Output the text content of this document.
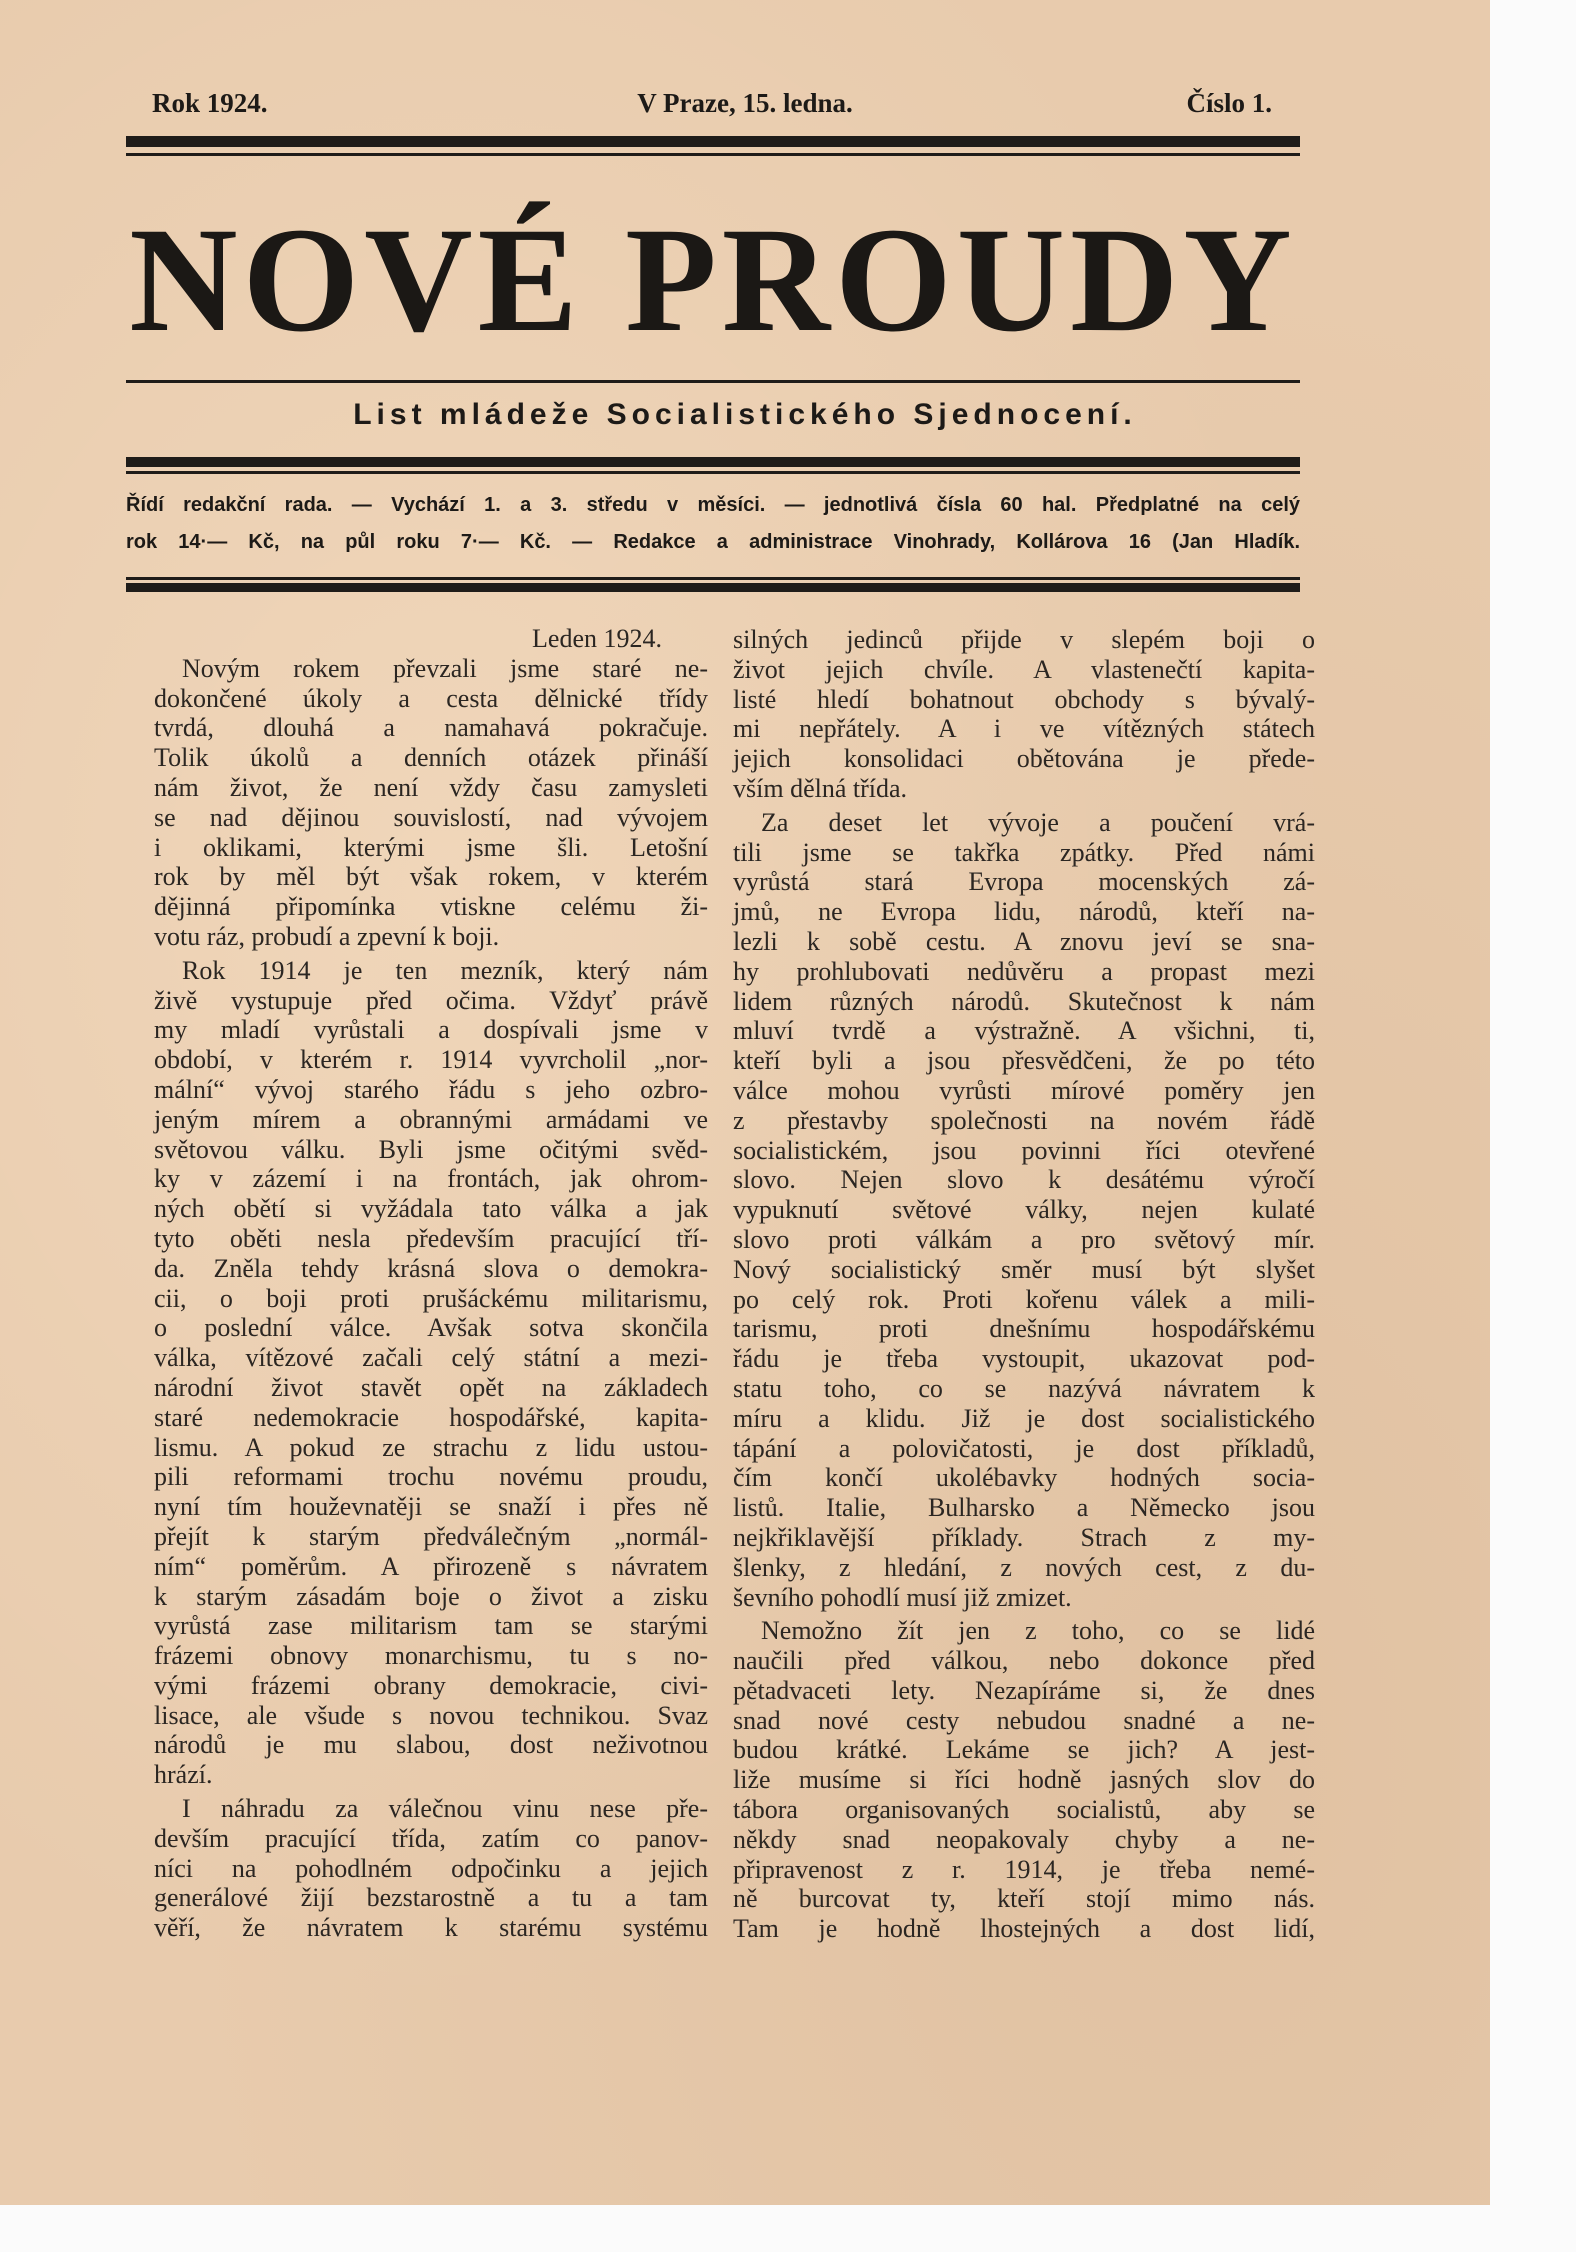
Rok 1924.	V Praze, 15. ledna.	Číslo 1.
NOVÉ PROUDY
List mládeže Socialistického Sjednocení.
Řídí redakční rada. — Vychází 1. a 3. středu v měsíci. — jednotlivá čísla 60 hal. Předplatné na celý
rok 14·— Kč, na půl roku 7·— Kč. — Redakce a administrace Vinohrady, Kollárova 16 (Jan Hladík.
Leden 1924.
Novým rokem převzali jsme staré ne-
dokončené úkoly a cesta dělnické třídy
tvrdá, dlouhá a namahavá pokračuje.
Tolik úkolů a denních otázek přináší
nám život, že není vždy času zamysleti
se nad dějinou souvislostí, nad vývojem
i oklikami, kterými jsme šli. Letošní
rok by měl být však rokem, v kterém
dějinná připomínka vtiskne celému ži-
votu ráz, probudí a zpevní k boji.
Rok 1914 je ten mezník, který nám
živě vystupuje před očima. Vždyť právě
my mladí vyrůstali a dospívali jsme v
období, v kterém r. 1914 vyvrcholil „nor-
mální“ vývoj starého řádu s jeho ozbro-
jeným mírem a obrannými armádami ve
světovou válku. Byli jsme očitými svěd-
ky v zázemí i na frontách, jak ohrom-
ných obětí si vyžádala tato válka a jak
tyto oběti nesla především pracující tří-
da. Zněla tehdy krásná slova o demokra-
cii, o boji proti prušáckému militarismu,
o poslední válce. Avšak sotva skončila
válka, vítězové začali celý státní a mezi-
národní život stavět opět na základech
staré nedemokracie hospodářské, kapita-
lismu. A pokud ze strachu z lidu ustou-
pili reformami trochu novému proudu,
nyní tím houževnatěji se snaží i přes ně
přejít k starým předválečným „normál-
ním“ poměrům. A přirozeně s návratem
k starým zásadám boje o život a zisku
vyrůstá zase militarism tam se starými
frázemi obnovy monarchismu, tu s no-
vými frázemi obrany demokracie, civi-
lisace, ale všude s novou technikou. Svaz
národů je mu slabou, dost neživotnou
hrází.
I náhradu za válečnou vinu nese pře-
devším pracující třída, zatím co panov-
níci na pohodlném odpočinku a jejich
generálové žijí bezstarostně a tu a tam
věří, že návratem k starému systému
silných jedinců přijde v slepém boji o
život jejich chvíle. A vlastenečtí kapita-
listé hledí bohatnout obchody s bývalý-
mi nepřátely. A i ve vítězných státech
jejich konsolidaci obětována je přede-
vším dělná třída.
Za deset let vývoje a poučení vrá-
tili jsme se takřka zpátky. Před námi
vyrůstá stará Evropa mocenských zá-
jmů, ne Evropa lidu, národů, kteří na-
lezli k sobě cestu. A znovu jeví se sna-
hy prohlubovati nedůvěru a propast mezi
lidem různých národů. Skutečnost k nám
mluví tvrdě a výstražně. A všichni, ti,
kteří byli a jsou přesvědčeni, že po této
válce mohou vyrůsti mírové poměry jen
z přestavby společnosti na novém řádě
socialistickém, jsou povinni říci otevřené
slovo. Nejen slovo k desátému výročí
vypuknutí světové války, nejen kulaté
slovo proti válkám a pro světový mír.
Nový socialistický směr musí být slyšet
po celý rok. Proti kořenu válek a mili-
tarismu, proti dnešnímu hospodářskému
řádu je třeba vystoupit, ukazovat pod-
statu toho, co se nazývá návratem k
míru a klidu. Již je dost socialistického
tápání a polovičatosti, je dost příkladů,
čím končí ukolébavky hodných socia-
listů. Italie, Bulharsko a Německo jsou
nejkřiklavější příklady. Strach z my-
šlenky, z hledání, z nových cest, z du-
ševního pohodlí musí již zmizet.
Nemožno žít jen z toho, co se lidé
naučili před válkou, nebo dokonce před
pětadvaceti lety. Nezapíráme si, že dnes
snad nové cesty nebudou snadné a ne-
budou krátké. Lekáme se jich? A jest-
liže musíme si říci hodně jasných slov do
tábora organisovaných socialistů, aby se
někdy snad neopakovaly chyby a ne-
připravenost z r. 1914, je třeba nemé-
ně burcovat ty, kteří stojí mimo nás.
Tam je hodně lhostejných a dost lidí,
